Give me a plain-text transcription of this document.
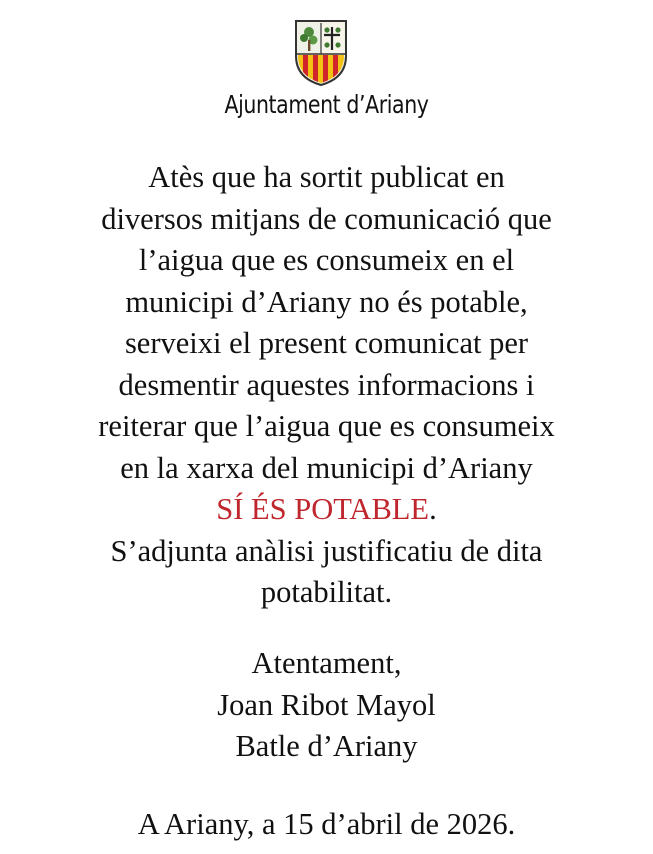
Ajuntament d’Ariany
Atès que ha sortit publicat en
diversos mitjans de comunicació que
l’aigua que es consumeix en el
municipi d’Ariany no és potable,
serveixi el present comunicat per
desmentir aquestes informacions i
reiterar que l’aigua que es consumeix
en la xarxa del municipi d’Ariany
SÍ ÉS POTABLE.
S’adjunta anàlisi justificatiu de dita
potabilitat.
Atentament,
Joan Ribot Mayol
Batle d’Ariany
A Ariany, a 15 d’abril de 2026.
